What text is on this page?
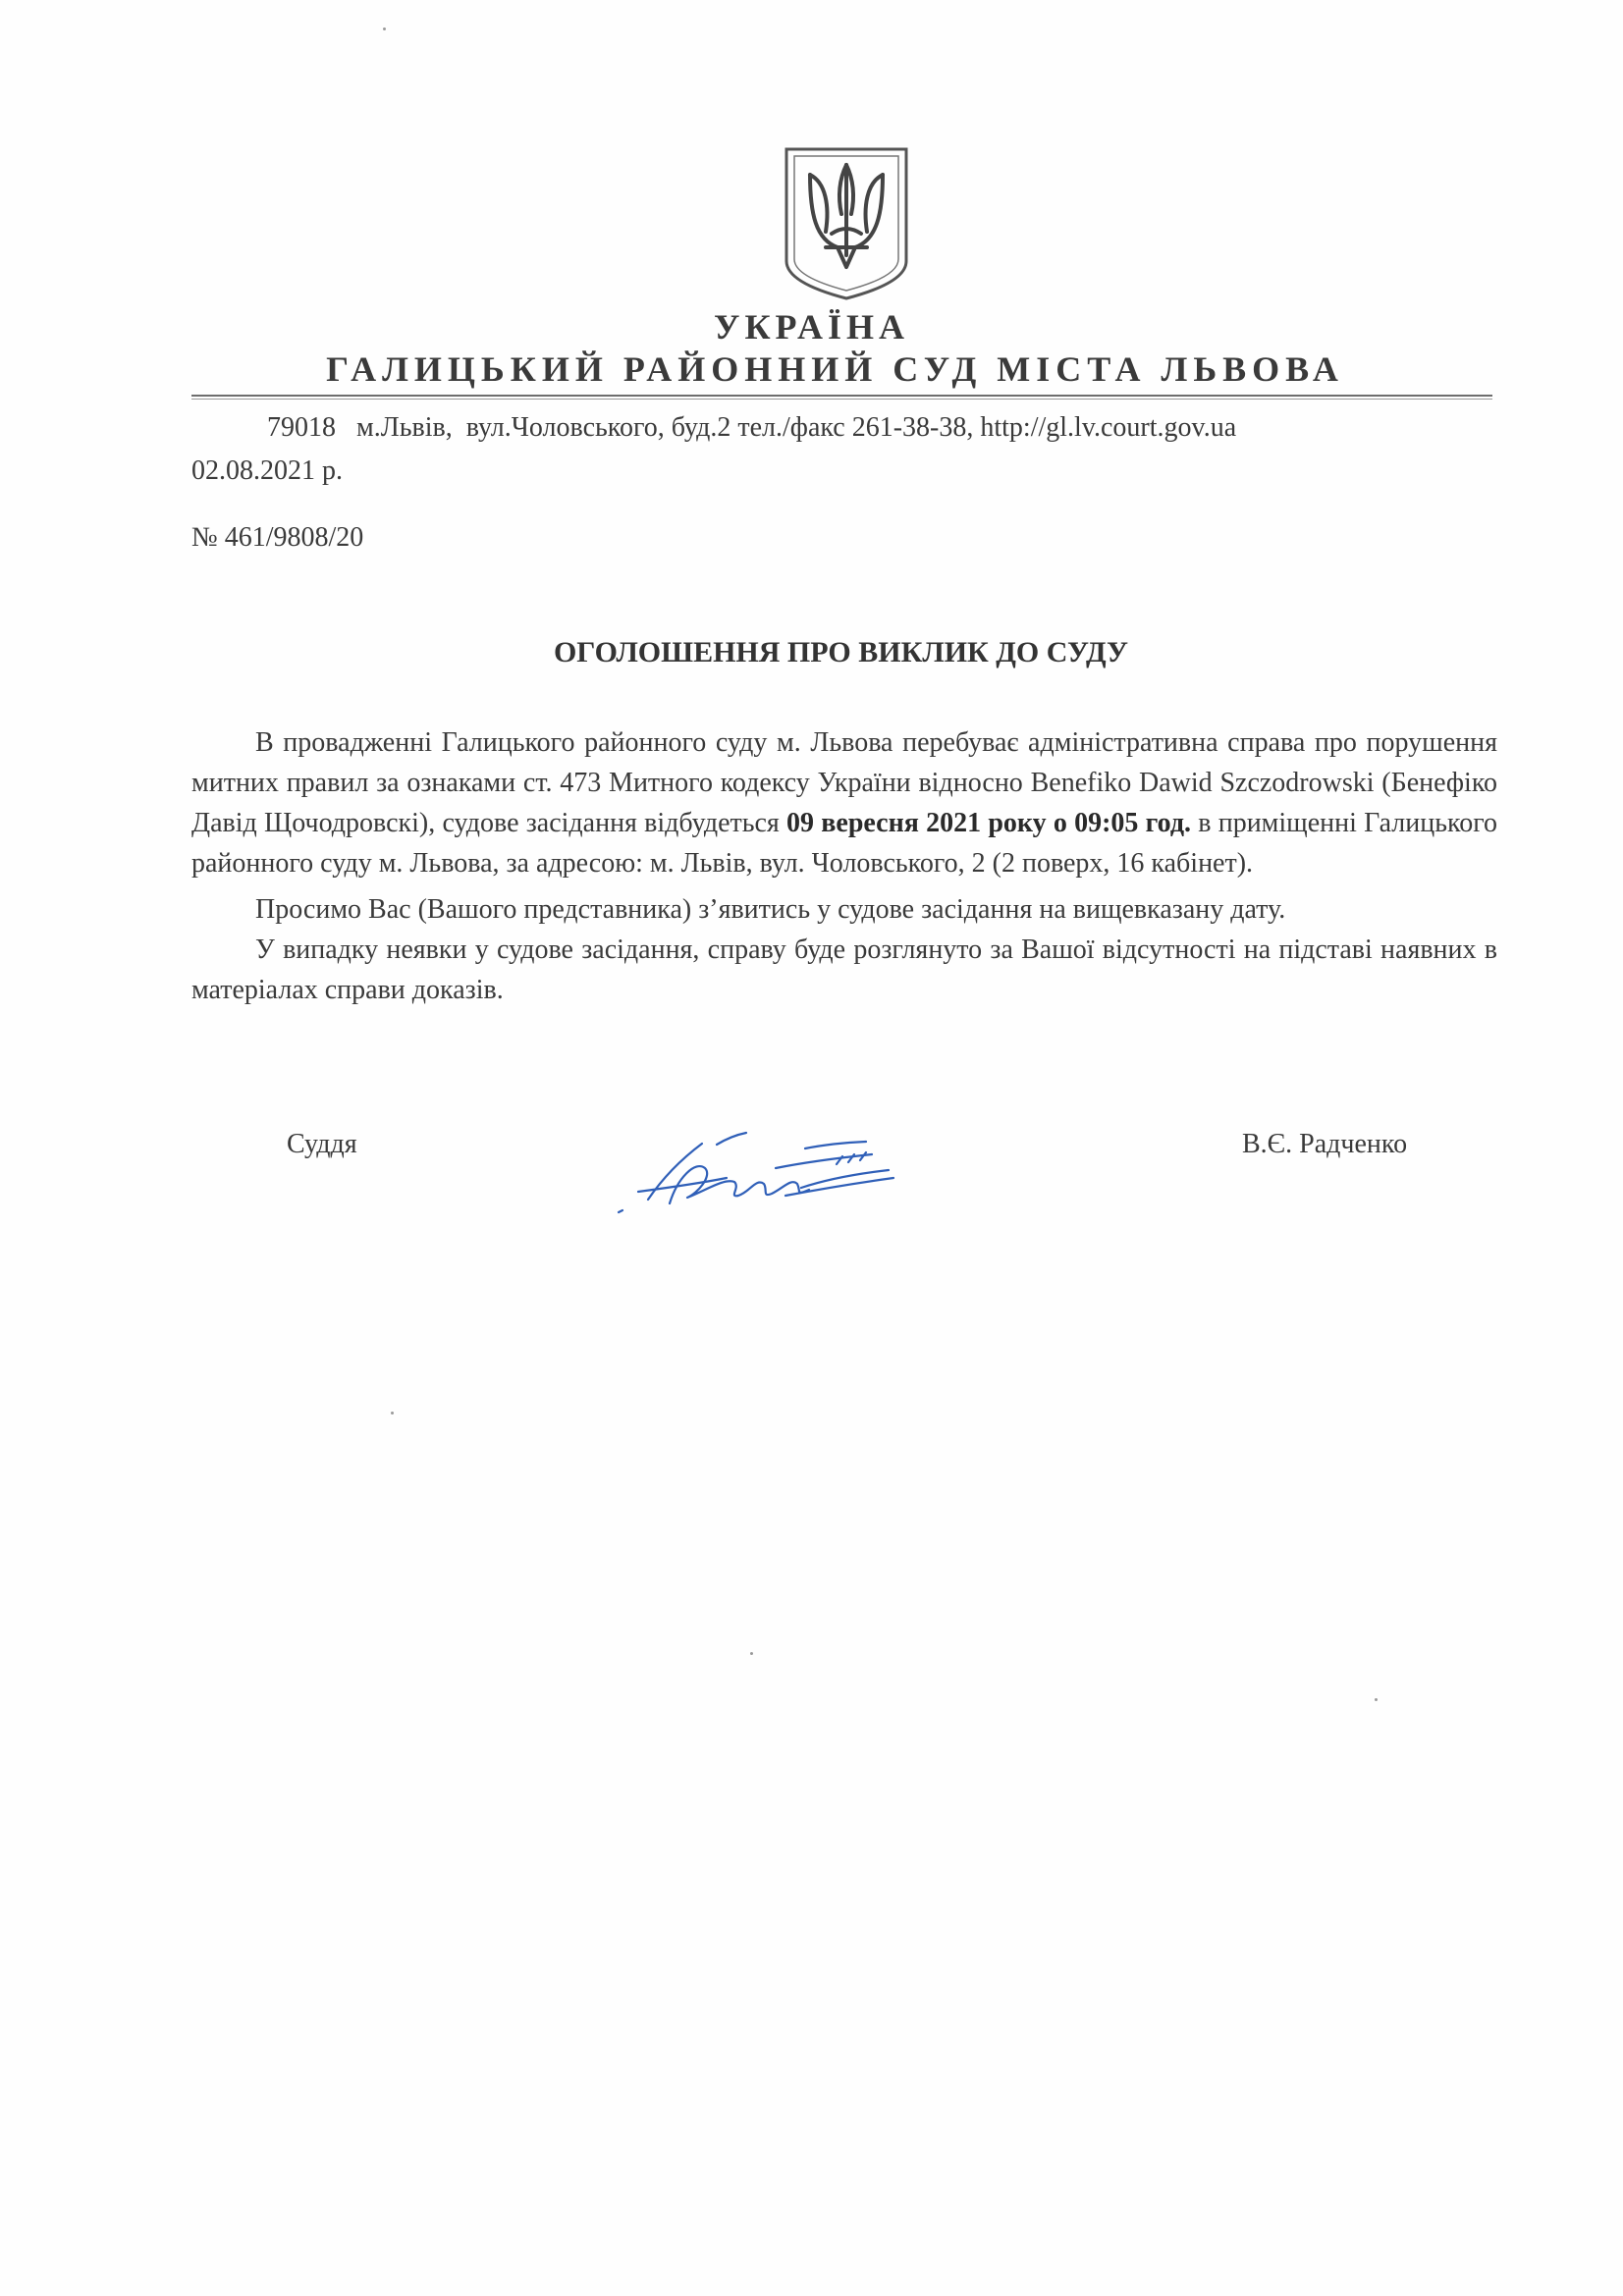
УКРАЇНА
ГАЛИЦЬКИЙ РАЙОННИЙ СУД МІСТА ЛЬВОВА
79018   м.Львів,  вул.Чоловського, буд.2 тел./факс 261-38-38, http://gl.lv.court.gov.ua
02.08.2021 р.
№ 461/9808/20
ОГОЛОШЕННЯ ПРО ВИКЛИК ДО СУДУ

В провадженні Галицького районного суду м. Львова перебуває адміністративна справа про порушення митних правил за ознаками ст. 473 Митного кодексу України відносно Benefiko Dawid Szczodrowski (Бенефіко Давід Щочодровскі), судове засідання відбудеться 09 вересня 2021 року о 09:05 год. в приміщенні Галицького районного суду м. Львова, за адресою: м. Львів, вул. Чоловського, 2 (2 поверх, 16 кабінет).

Просимо Вас (Вашого представника) з’явитись у судове засідання на вищевказану дату.

У випадку неявки у судове засідання, справу буде розглянуто за Вашої відсутності на підставі наявних в матеріалах справи доказів.

Суддя	В.Є. Радченко
